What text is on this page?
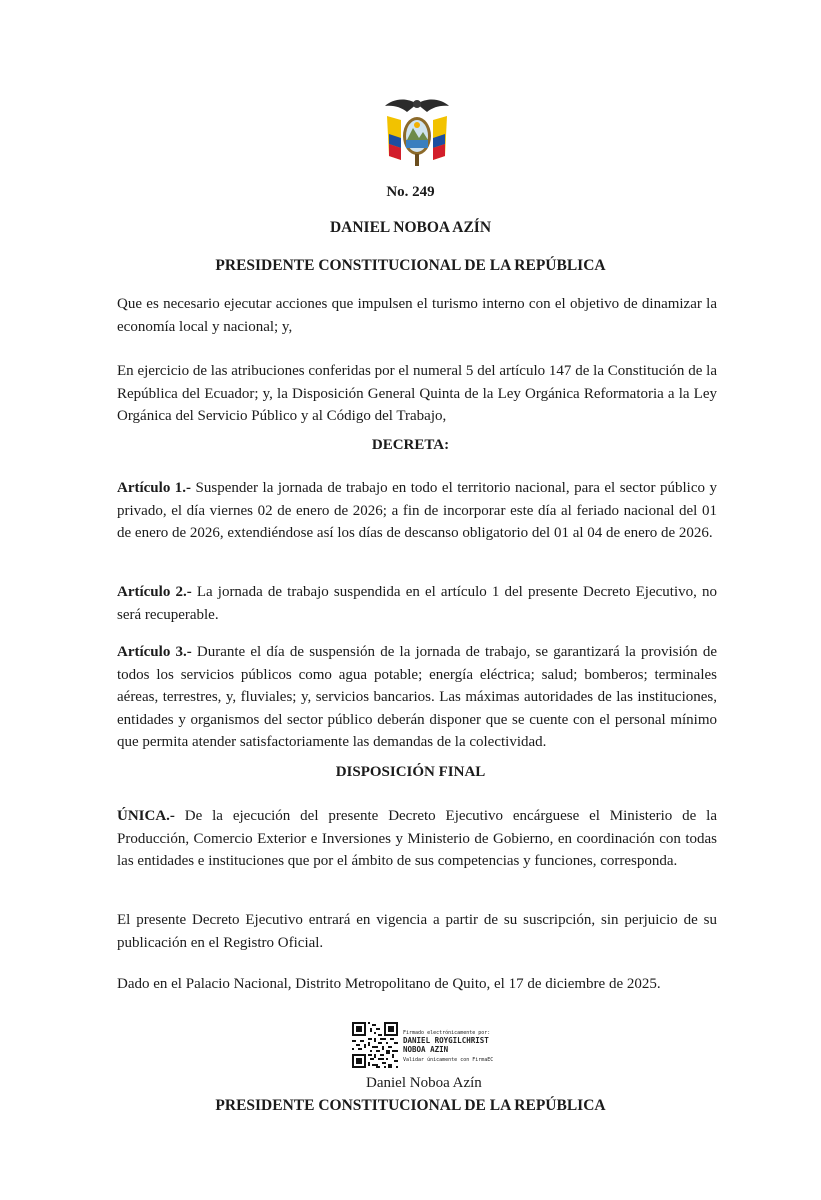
No. 249
DANIEL NOBOA AZÍN
PRESIDENTE CONSTITUCIONAL DE LA REPÚBLICA

Que es necesario ejecutar acciones que impulsen el turismo interno con el objetivo de dinamizar la economía local y nacional; y,

En ejercicio de las atribuciones conferidas por el numeral 5 del artículo 147 de la Constitución de la República del Ecuador; y, la Disposición General Quinta de la Ley Orgánica Reformatoria a la Ley Orgánica del Servicio Público y al Código del Trabajo,

DECRETA:

Artículo 1.- Suspender la jornada de trabajo en todo el territorio nacional, para el sector público y privado, el día viernes 02 de enero de 2026; a fin de incorporar este día al feriado nacional del 01 de enero de 2026, extendiéndose así los días de descanso obligatorio del 01 al 04 de enero de 2026.

Artículo 2.- La jornada de trabajo suspendida en el artículo 1 del presente Decreto Ejecutivo, no será recuperable.

Artículo 3.- Durante el día de suspensión de la jornada de trabajo, se garantizará la provisión de todos los servicios públicos como agua potable; energía eléctrica; salud; bomberos; terminales aéreas, terrestres, y, fluviales; y, servicios bancarios. Las máximas autoridades de las instituciones, entidades y organismos del sector público deberán disponer que se cuente con el personal mínimo que permita atender satisfactoriamente las demandas de la colectividad.

DISPOSICIÓN FINAL

ÚNICA.- De la ejecución del presente Decreto Ejecutivo encárguese el Ministerio de la Producción, Comercio Exterior e Inversiones y Ministerio de Gobierno, en coordinación con todas las entidades e instituciones que por el ámbito de sus competencias y funciones, corresponda.

El presente Decreto Ejecutivo entrará en vigencia a partir de su suscripción, sin perjuicio de su publicación en el Registro Oficial.

Dado en el Palacio Nacional, Distrito Metropolitano de Quito, el 17 de diciembre de 2025.

Firmado electrónicamente por:
DANIEL ROYGILCHRIST
NOBOA AZIN
Validar únicamente con FirmaEC
Daniel Noboa Azín
PRESIDENTE CONSTITUCIONAL DE LA REPÚBLICA
